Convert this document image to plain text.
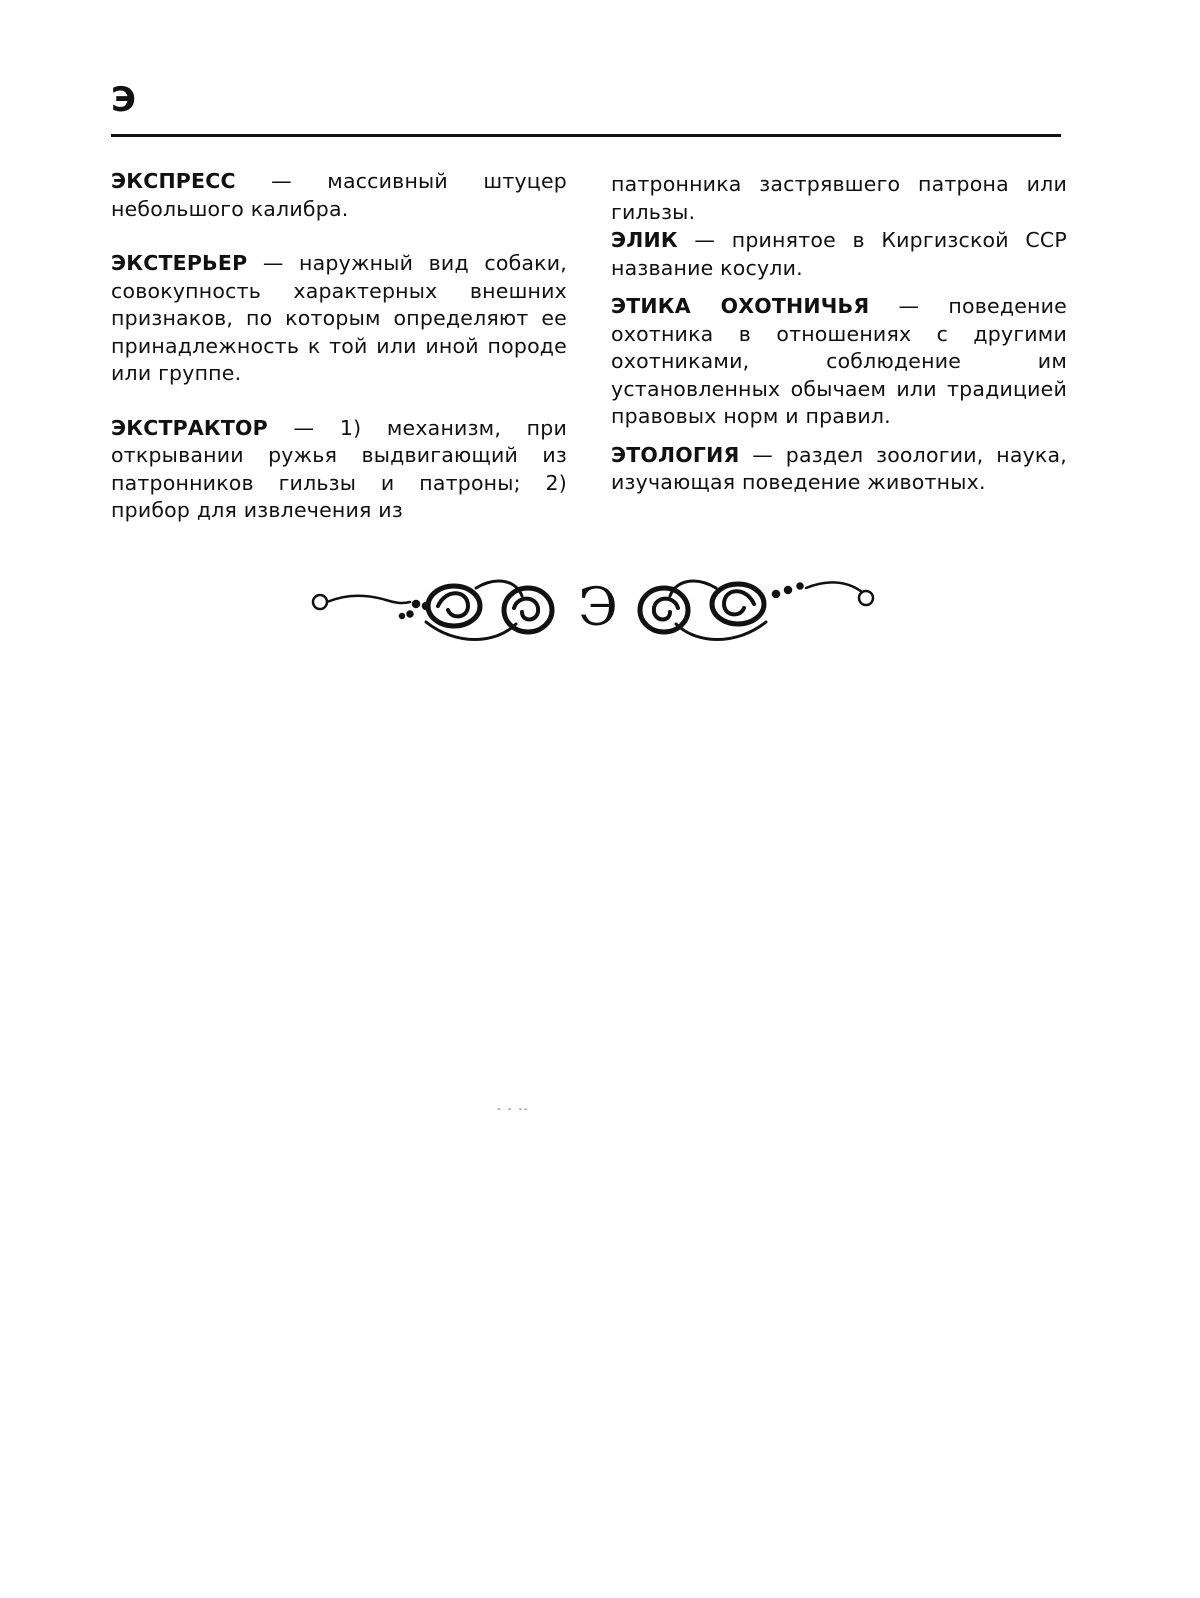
Э

ЭКСПРЕСС — массивный штуцер небольшого калибра.

ЭКСТЕРЬЕР — наружный вид собаки, совокупность характерных внешних признаков, по которым определяют ее принадлежность к той или иной породе или группе.

ЭКСТРАКТОР — 1) механизм, при открывании ружья выдвигающий из патронников гильзы и патроны; 2) прибор для извлечения из

патронника застрявшего патрона или гильзы.

ЭЛИК — принятое в Киргизской ССР название косули.

ЭТИКА ОХОТНИЧЬЯ — поведение охотника в отношениях с другими охотниками, соблюдение им установленных обычаем или традицией правовых норм и правил.

ЭТОЛОГИЯ — раздел зоологии, наука, изучающая поведение животных.

Э
- - --
